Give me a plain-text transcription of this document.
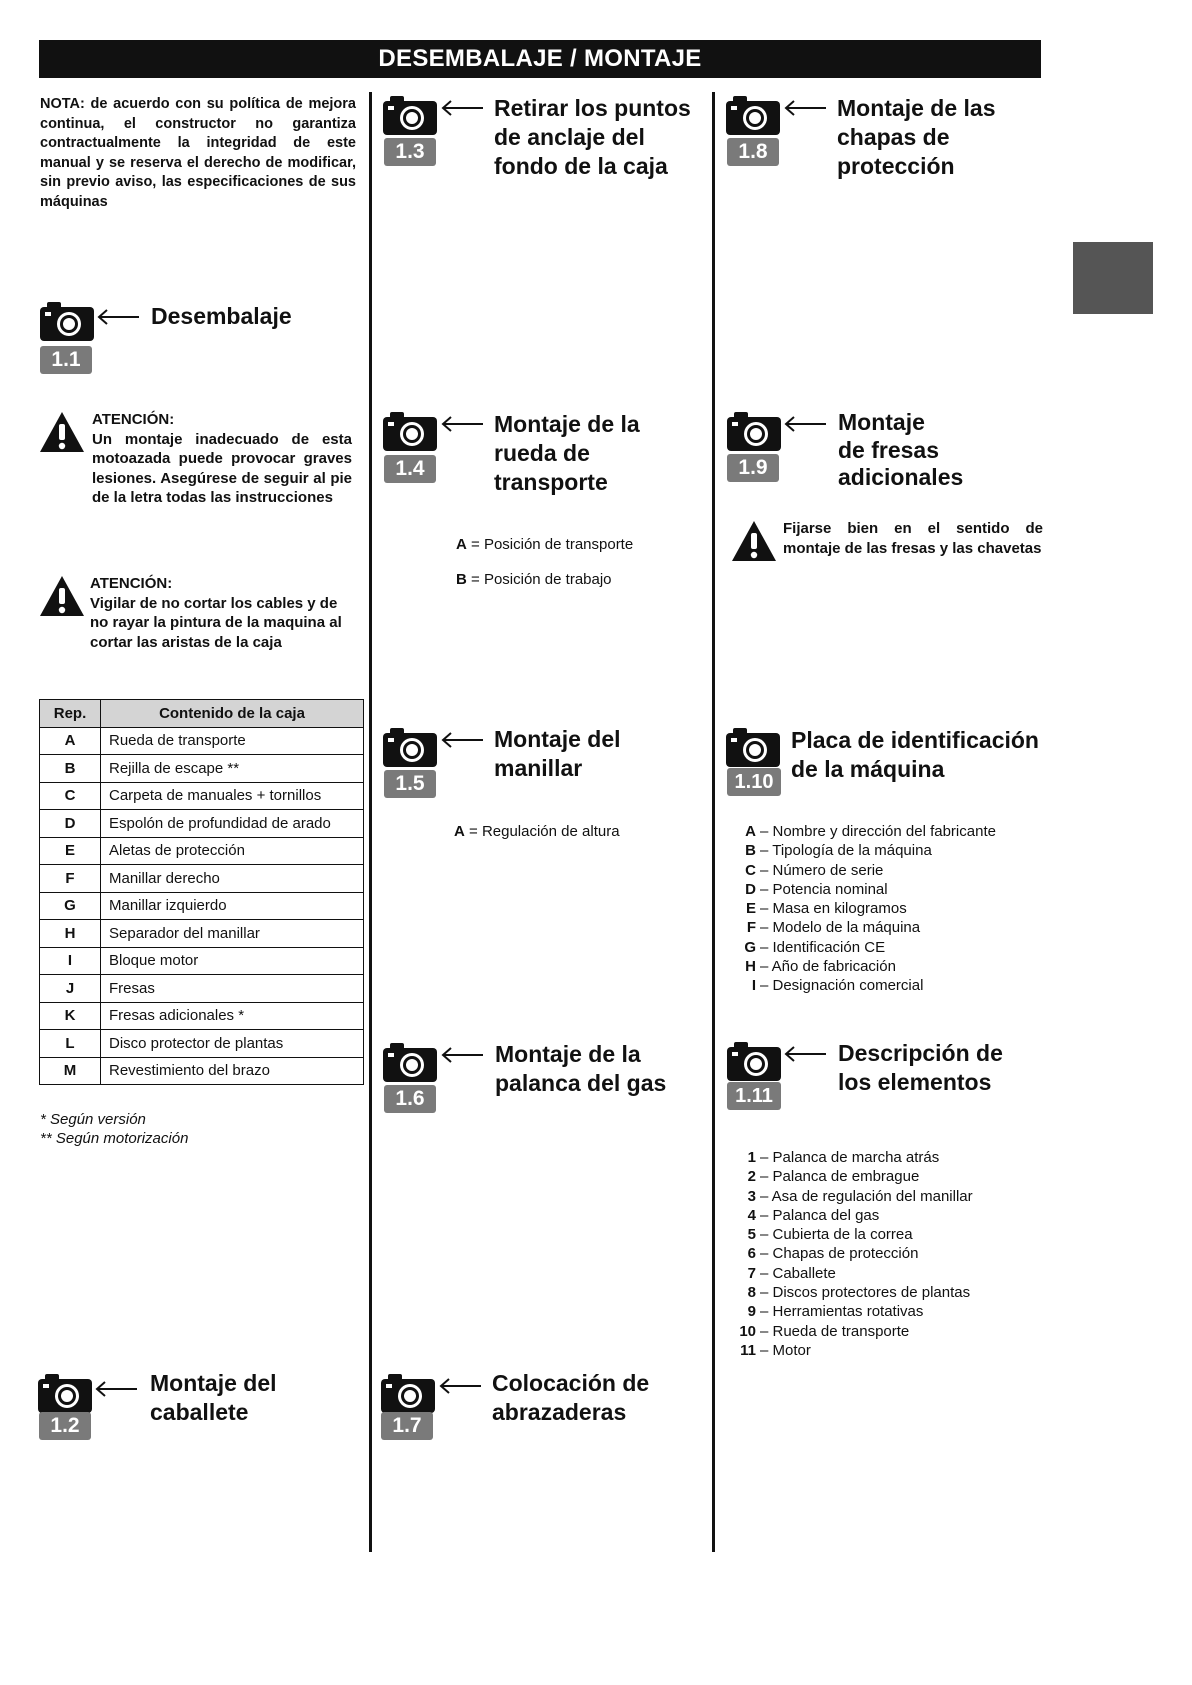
DESEMBALAJE / MONTAJE
NOTA: de acuerdo con su política de mejora continua, el constructor no garantiza contractualmente la integridad de este manual y se reserva el derecho de modificar, sin previo aviso, las especificaciones de sus máquinas
1.1
Desembalaje
ATENCIÓN:
Un montaje inadecuado de esta motoazada puede provocar graves lesiones. Asegúrese de seguir al pie de la letra todas las instrucciones
ATENCIÓN:
Vigilar de no cortar los cables y de no rayar la pintura de la maquina al cortar las aristas de la caja
Rep.	Contenido de la caja
A	Rueda de transporte
B	Rejilla de escape **
C	Carpeta de manuales + tornillos
D	Espolón de profundidad de arado
E	Aletas de protección
F	Manillar derecho
G	Manillar izquierdo
H	Separador del manillar
I	Bloque motor
J	Fresas
K	Fresas adicionales *
L	Disco protector de plantas
M	Revestimiento del brazo
* Según versión
** Según motorización
1.2
Montaje del
caballete
1.3
Retirar los puntos
de anclaje del
fondo de la caja
1.4
Montaje de la
rueda de
transporte
A = Posición de transporte
B = Posición de trabajo
1.5
Montaje del
manillar
A = Regulación de altura
1.6
Montaje de la
palanca del gas
1.7
Colocación de
abrazaderas
1.8
Montaje de las
chapas de
protección
1.9
Montaje
de fresas
adicionales
Fijarse bien en el sentido de montaje de las fresas y las chavetas
1.10
Placa de identificación
de la máquina
A – Nombre y dirección del fabricante
B – Tipología de la máquina
C – Número de serie
D – Potencia nominal
E – Masa en kilogramos
F – Modelo de la máquina
G – Identificación CE
H – Año de fabricación
I – Designación comercial
1.11
Descripción de
los elementos
1 – Palanca de marcha atrás
2 – Palanca de embrague
3 – Asa de regulación del manillar
4 – Palanca del gas
5 – Cubierta de la correa
6 – Chapas de protección
7 – Caballete
8 – Discos protectores de plantas
9 – Herramientas rotativas
10 – Rueda de transporte
11 – Motor
